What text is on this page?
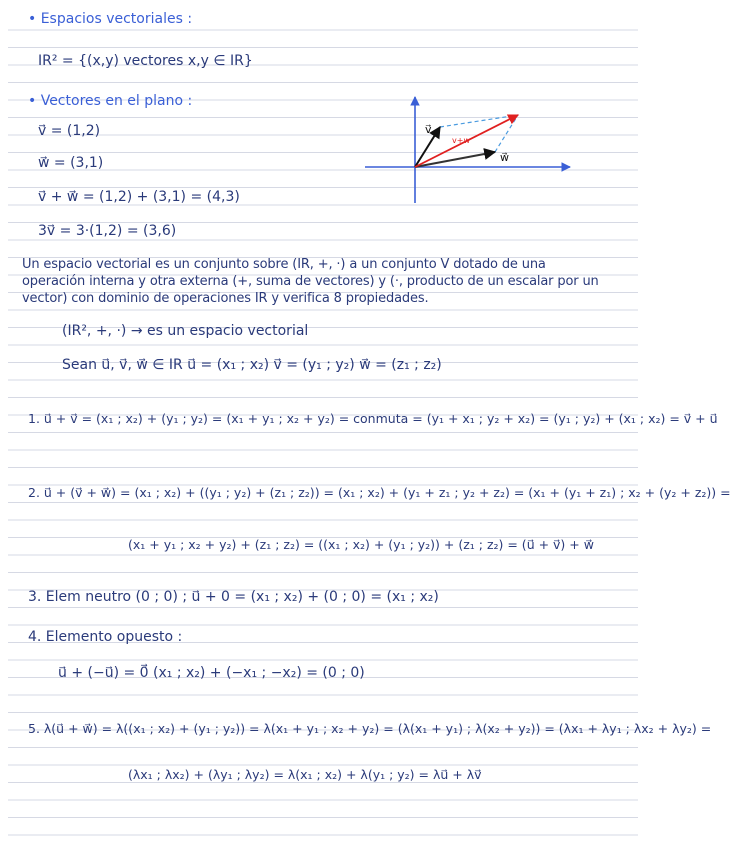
• Espacios vectoriales :
IR² = {(x,y) vectores x,y ∈ IR}
• Vectores en el plano :
v⃗ = (1,2)
w⃗ = (3,1)
v⃗ + w⃗ = (1,2) + (3,1) = (4,3)
3v⃗ = 3·(1,2) = (3,6)
v⃗
v+w
w⃗
Un espacio vectorial es un conjunto sobre (IR, +, ·) a un conjunto V dotado de una
operación interna y otra externa (+, suma de vectores) y (·, producto de un escalar por un
vector) con dominio de operaciones IR y verifica 8 propiedades.
(IR², +, ·) → es un espacio vectorial
Sean u⃗, v⃗, w⃗ ∈ IR u⃗ = (x₁ ; x₂) v⃗ = (y₁ ; y₂) w⃗ = (z₁ ; z₂)
1. u⃗ + v⃗ = (x₁ ; x₂) + (y₁ ; y₂) = (x₁ + y₁ ; x₂ + y₂) = conmuta = (y₁ + x₁ ; y₂ + x₂) = (y₁ ; y₂) + (x₁ ; x₂) = v⃗ + u⃗
2. u⃗ + (v⃗ + w⃗) = (x₁ ; x₂) + ((y₁ ; y₂) + (z₁ ; z₂)) = (x₁ ; x₂) + (y₁ + z₁ ; y₂ + z₂) = (x₁ + (y₁ + z₁) ; x₂ + (y₂ + z₂)) =
(x₁ + y₁ ; x₂ + y₂) + (z₁ ; z₂) = ((x₁ ; x₂) + (y₁ ; y₂)) + (z₁ ; z₂) = (u⃗ + v⃗) + w⃗
3. Elem neutro (0 ; 0) ; u⃗ + 0 = (x₁ ; x₂) + (0 ; 0) = (x₁ ; x₂)
4. Elemento opuesto :
u⃗ + (−u⃗) = 0⃗ (x₁ ; x₂) + (−x₁ ; −x₂) = (0 ; 0)
5. λ(u⃗ + w⃗) = λ((x₁ ; x₂) + (y₁ ; y₂)) = λ(x₁ + y₁ ; x₂ + y₂) = (λ(x₁ + y₁) ; λ(x₂ + y₂)) = (λx₁ + λy₁ ; λx₂ + λy₂) =
(λx₁ ; λx₂) + (λy₁ ; λy₂) = λ(x₁ ; x₂) + λ(y₁ ; y₂) = λu⃗ + λv⃗
